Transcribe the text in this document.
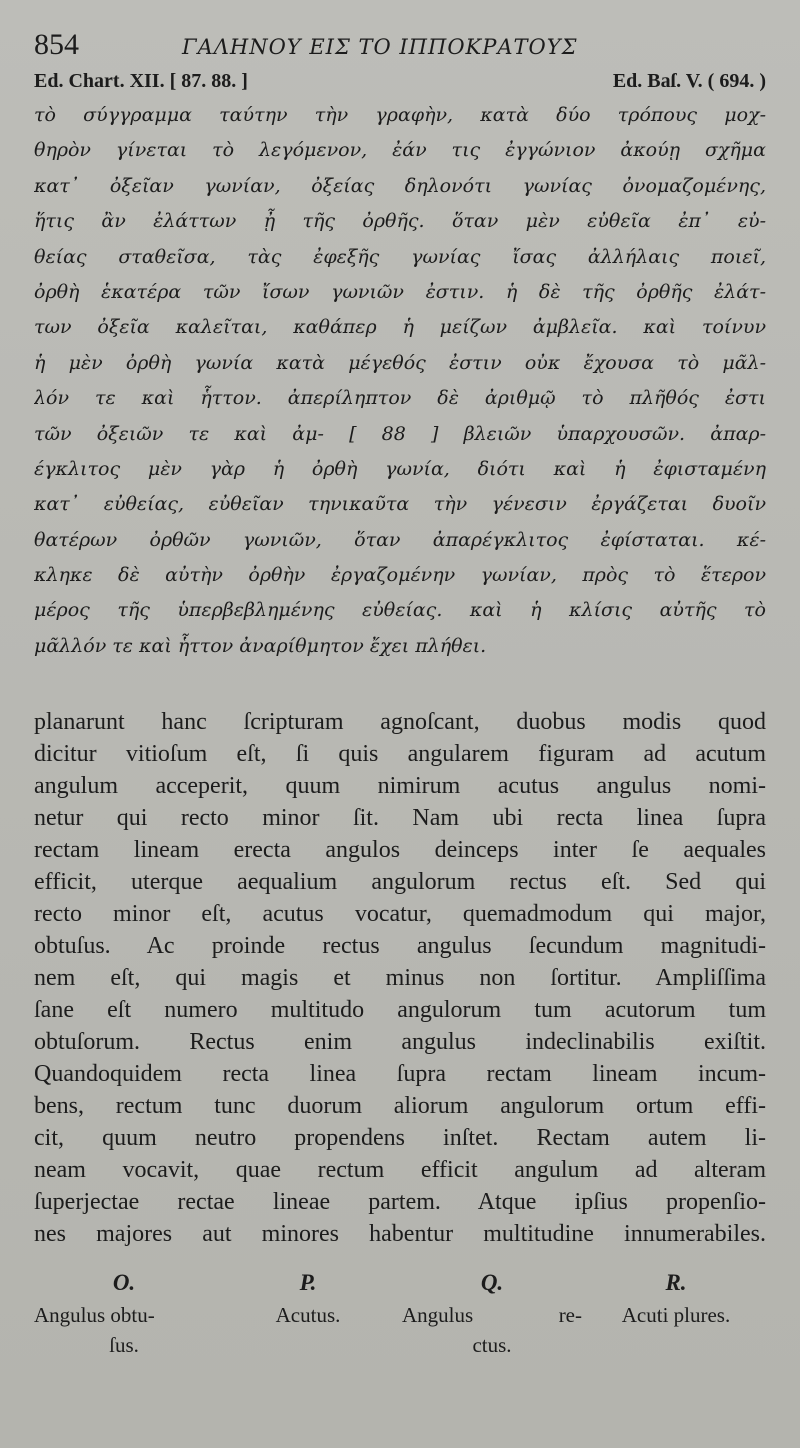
854	ΓΑΛΗΝΟΥ ΕΙΣ ΤΟ ΙΠΠΟΚΡΑΤΟΥΣ
Ed. Chart. XII. [ 87. 88. ]	Ed. Baſ. V. ( 694. )
τὸ σύγγραμμα ταύτην τὴν γραφὴν, κατὰ δύο τρόπους μοχ-
θηρὸν γίνεται τὸ λεγόμενον, ἐάν τις ἐγγώνιον ἀκούῃ σχῆμα
κατ᾽ ὀξεῖαν γωνίαν, ὀξείας δηλονότι γωνίας ὀνομαζομένης,
ἥτις ἂν ἐλάττων ᾖ τῆς ὀρθῆς. ὅταν μὲν εὐθεῖα ἐπ᾽ εὐ-
θείας σταθεῖσα, τὰς ἐφεξῆς γωνίας ἴσας ἀλλήλαις ποιεῖ,
ὀρθὴ ἑκατέρα τῶν ἴσων γωνιῶν ἐστιν. ἡ δὲ τῆς ὀρθῆς ἐλάτ-
των ὀξεῖα καλεῖται, καθάπερ ἡ μείζων ἀμβλεῖα. καὶ τοίνυν
ἡ μὲν ὀρθὴ γωνία κατὰ μέγεθός ἐστιν οὐκ ἔχουσα τὸ μᾶλ-
λόν τε καὶ ἧττον. ἀπερίληπτον δὲ ἀριθμῷ τὸ πλῆθός ἐστι
τῶν ὀξειῶν τε καὶ ἀμ- [ 88 ] βλειῶν ὑπαρχουσῶν. ἀπαρ-
έγκλιτος μὲν γὰρ ἡ ὀρθὴ γωνία, διότι καὶ ἡ ἐφισταμένη
κατ᾽ εὐθείας, εὐθεῖαν τηνικαῦτα τὴν γένεσιν ἐργάζεται δυοῖν
θατέρων ὀρθῶν γωνιῶν, ὅταν ἀπαρέγκλιτος ἐφίσταται. κέ-
κληκε δὲ αὐτὴν ὀρθὴν ἐργαζομένην γωνίαν, πρὸς τὸ ἕτερον
μέρος τῆς ὑπερβεβλημένης εὐθείας. καὶ ἡ κλίσις αὐτῆς τὸ
μᾶλλόν τε καὶ ἧττον ἀναρίθμητον ἔχει πλήθει.
planarunt hanc ſcripturam agnoſcant, duobus modis quod
dicitur vitioſum eſt, ſi quis angularem figuram ad acutum
angulum acceperit, quum nimirum acutus angulus nomi-
netur qui recto minor ſit. Nam ubi recta linea ſupra
rectam lineam erecta angulos deinceps inter ſe aequales
efficit, uterque aequalium angulorum rectus eſt. Sed qui
recto minor eſt, acutus vocatur, quemadmodum qui major,
obtuſus. Ac proinde rectus angulus ſecundum magnitudi-
nem eſt, qui magis et minus non ſortitur. Ampliſſima
ſane eſt numero multitudo angulorum tum acutorum tum
obtuſorum. Rectus enim angulus indeclinabilis exiſtit.
Quandoquidem recta linea ſupra rectam lineam incum-
bens, rectum tunc duorum aliorum angulorum ortum effi-
cit, quum neutro propendens inſtet. Rectam autem li-
neam vocavit, quae rectum efficit angulum ad alteram
ſuperjectae rectae lineae partem. Atque ipſius propenſio-
nes majores aut minores habentur multitudine innumerabiles.
O.
Angulus obtu-
ſus.
P.
Acutus.
Q.
Angulus re-
ctus.
R.
Acuti plures.
